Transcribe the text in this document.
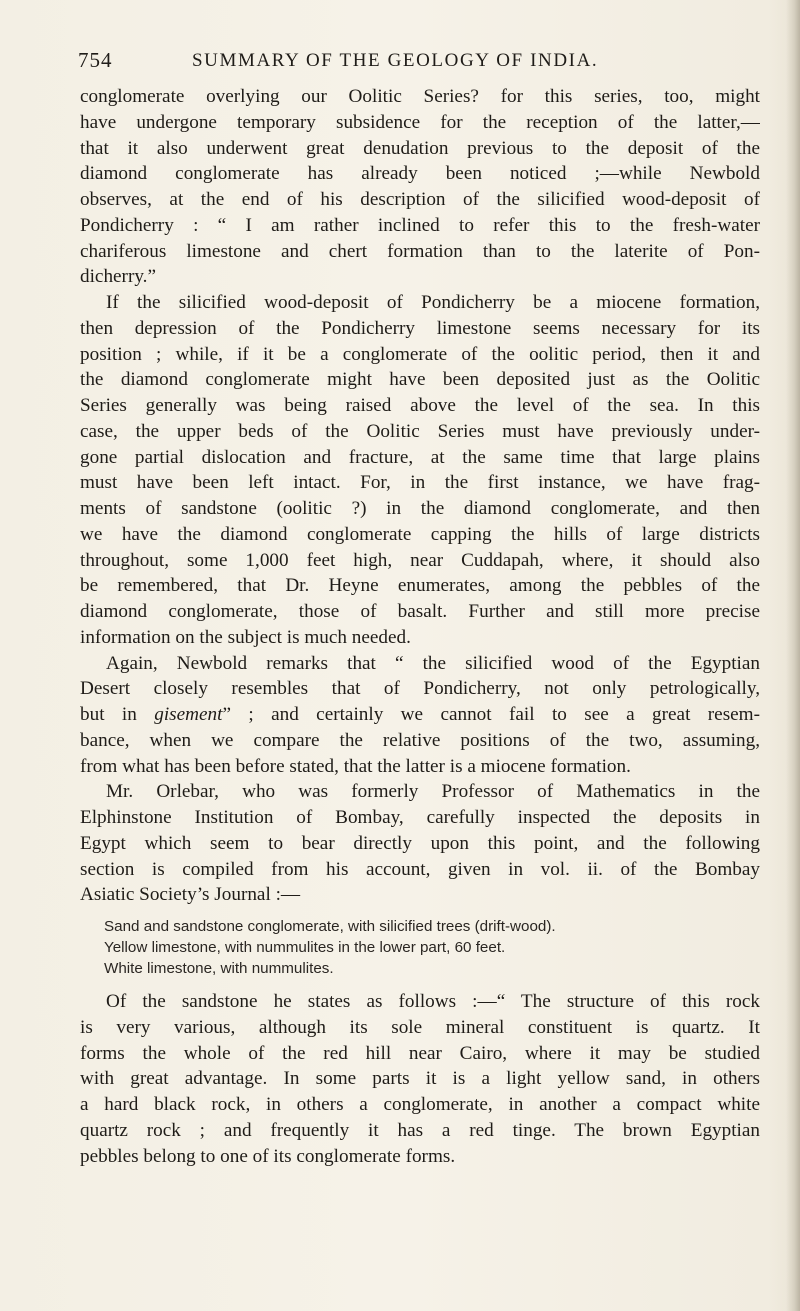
754	SUMMARY OF THE GEOLOGY OF INDIA.
conglomerate overlying our Oolitic Series? for this series, too, might
have undergone temporary subsidence for the reception of the latter,—
that it also underwent great denudation previous to the deposit of the
diamond conglomerate has already been noticed ;—while Newbold
observes, at the end of his description of the silicified wood-deposit of
Pondicherry : “ I am rather inclined to refer this to the fresh-water
chariferous limestone and chert formation than to the laterite of Pon-
dicherry.”
If the silicified wood-deposit of Pondicherry be a miocene formation,
then depression of the Pondicherry limestone seems necessary for its
position ; while, if it be a conglomerate of the oolitic period, then it and
the diamond conglomerate might have been deposited just as the Oolitic
Series generally was being raised above the level of the sea. In this
case, the upper beds of the Oolitic Series must have previously under-
gone partial dislocation and fracture, at the same time that large plains
must have been left intact. For, in the first instance, we have frag-
ments of sandstone (oolitic ?) in the diamond conglomerate, and then
we have the diamond conglomerate capping the hills of large districts
throughout, some 1,000 feet high, near Cuddapah, where, it should also
be remembered, that Dr. Heyne enumerates, among the pebbles of the
diamond conglomerate, those of basalt. Further and still more precise
information on the subject is much needed.
Again, Newbold remarks that “ the silicified wood of the Egyptian
Desert closely resembles that of Pondicherry, not only petrologically,
but in gisement” ; and certainly we cannot fail to see a great resem-
bance, when we compare the relative positions of the two, assuming,
from what has been before stated, that the latter is a miocene formation.
Mr. Orlebar, who was formerly Professor of Mathematics in the
Elphinstone Institution of Bombay, carefully inspected the deposits in
Egypt which seem to bear directly upon this point, and the following
section is compiled from his account, given in vol. ii. of the Bombay
Asiatic Society’s Journal :—
Sand and sandstone conglomerate, with silicified trees (drift-wood).
Yellow limestone, with nummulites in the lower part, 60 feet.
White limestone, with nummulites.
Of the sandstone he states as follows :—“ The structure of this rock
is very various, although its sole mineral constituent is quartz. It
forms the whole of the red hill near Cairo, where it may be studied
with great advantage. In some parts it is a light yellow sand, in others
a hard black rock, in others a conglomerate, in another a compact white
quartz rock ; and frequently it has a red tinge. The brown Egyptian
pebbles belong to one of its conglomerate forms.
